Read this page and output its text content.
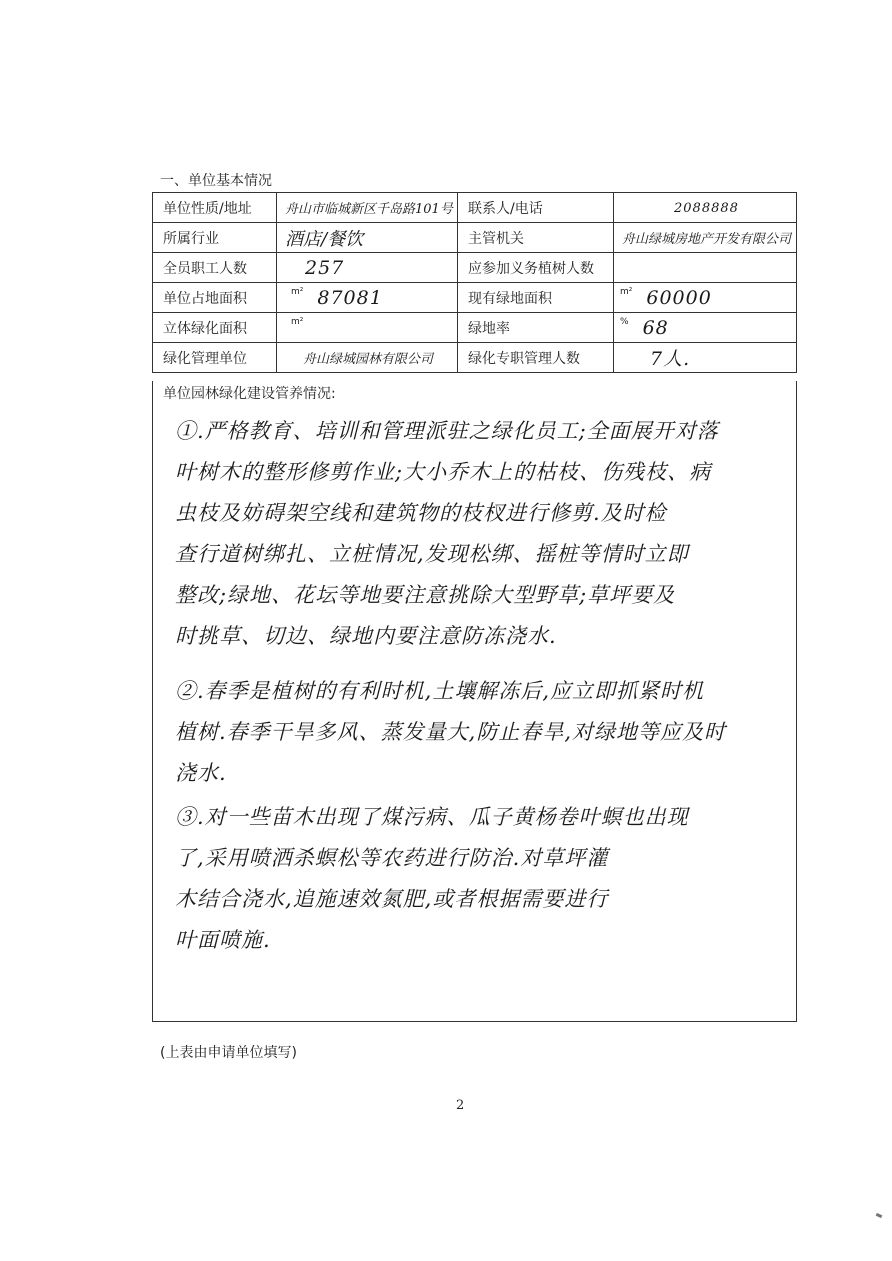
一、单位基本情况
单位性质/地址	舟山市临城新区千岛路101号	联系人/电话	2088888
所属行业	酒店/餐饮	主管机关	舟山绿城房地产开发有限公司
全员职工人数	257	应参加义务植树人数	
单位占地面积	$^{m^2}$ 87081	现有绿地面积	$^{m^2}$ 60000
立体绿化面积	$^{m^2}$	绿地率	% 68
绿化管理单位	舟山绿城园林有限公司	绿化专职管理人数	7人.
单位园林绿化建设管养情况:
①.严格教育、培训和管理派驻之绿化员工;全面展开对落
叶树木的整形修剪作业;大小乔木上的枯枝、伤残枝、病
虫枝及妨碍架空线和建筑物的枝杈进行修剪.及时检
查行道树绑扎、立桩情况,发现松绑、摇桩等情时立即
整改;绿地、花坛等地要注意挑除大型野草;草坪要及
时挑草、切边、绿地内要注意防冻浇水.
②.春季是植树的有利时机,土壤解冻后,应立即抓紧时机
植树.春季干旱多风、蒸发量大,防止春旱,对绿地等应及时
浇水.
③.对一些苗木出现了煤污病、瓜子黄杨卷叶螟也出现
了,采用喷洒杀螟松等农药进行防治.对草坪灌
木结合浇水,追施速效氮肥,或者根据需要进行
叶面喷施.
(上表由申请单位填写)
2
